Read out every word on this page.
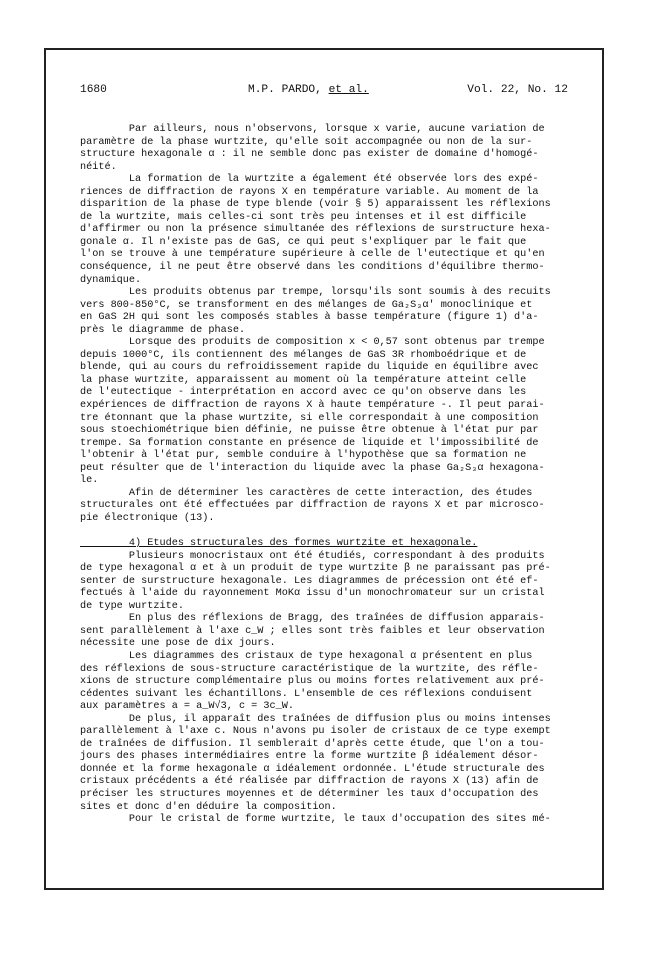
1680	M.P. PARDO, et al.	Vol. 22, No. 12
Par ailleurs, nous n'observons, lorsque x varie, aucune variation de
paramètre de la phase wurtzite, qu'elle soit accompagnée ou non de la sur-
structure hexagonale α : il ne semble donc pas exister de domaine d'homogé-
néité.
La formation de la wurtzite a également été observée lors des expé-
riences de diffraction de rayons X en température variable. Au moment de la
disparition de la phase de type blende (voir § 5) apparaissent les réflexions
de la wurtzite, mais celles-ci sont très peu intenses et il est difficile
d'affirmer ou non la présence simultanée des réflexions de surstructure hexa-
gonale α. Il n'existe pas de GaS, ce qui peut s'expliquer par le fait que
l'on se trouve à une température supérieure à celle de l'eutectique et qu'en
conséquence, il ne peut être observé dans les conditions d'équilibre thermo-
dynamique.
Les produits obtenus par trempe, lorsqu'ils sont soumis à des recuits
vers 800-850°C, se transforment en des mélanges de Ga₂S₃α' monoclinique et
en GaS 2H qui sont les composés stables à basse température (figure 1) d'a-
près le diagramme de phase.
Lorsque des produits de composition x < 0,57 sont obtenus par trempe
depuis 1000°C, ils contiennent des mélanges de GaS 3R rhomboédrique et de
blende, qui au cours du refroidissement rapide du liquide en équilibre avec
la phase wurtzite, apparaissent au moment où la température atteint celle
de l'eutectique - interprétation en accord avec ce qu'on observe dans les
expériences de diffraction de rayons X à haute température -. Il peut parai-
tre étonnant que la phase wurtzite, si elle correspondait à une composition
sous stoechiométrique bien définie, ne puisse être obtenue à l'état pur par
trempe. Sa formation constante en présence de liquide et l'impossibilité de
l'obtenir à l'état pur, semble conduire à l'hypothèse que sa formation ne
peut résulter que de l'interaction du liquide avec la phase Ga₂S₃α hexagona-
le.
Afin de déterminer les caractères de cette interaction, des études
structurales ont été effectuées par diffraction de rayons X et par microsco-
pie électronique (13).
4) Etudes structurales des formes wurtzite et hexagonale.
Plusieurs monocristaux ont été étudiés, correspondant à des produits
de type hexagonal α et à un produit de type wurtzite β ne paraissant pas pré-
senter de surstructure hexagonale. Les diagrammes de précession ont été ef-
fectués à l'aide du rayonnement MoKα issu d'un monochromateur sur un cristal
de type wurtzite.
En plus des réflexions de Bragg, des traînées de diffusion apparais-
sent parallèlement à l'axe c_W ; elles sont très faibles et leur observation
nécessite une pose de dix jours.
Les diagrammes des cristaux de type hexagonal α présentent en plus
des réflexions de sous-structure caractéristique de la wurtzite, des réfle-
xions de structure complémentaire plus ou moins fortes relativement aux pré-
cédentes suivant les échantillons. L'ensemble de ces réflexions conduisent
aux paramètres a = a_W√3, c = 3c_W.
De plus, il apparaît des traînées de diffusion plus ou moins intenses
parallèlement à l'axe c. Nous n'avons pu isoler de cristaux de ce type exempt
de traînées de diffusion. Il semblerait d'après cette étude, que l'on a tou-
jours des phases intermédiaires entre la forme wurtzite β idéalement désor-
donnée et la forme hexagonale α idéalement ordonnée. L'étude structurale des
cristaux précédents a été réalisée par diffraction de rayons X (13) afin de
préciser les structures moyennes et de déterminer les taux d'occupation des
sites et donc d'en déduire la composition.
Pour le cristal de forme wurtzite, le taux d'occupation des sites mé-
